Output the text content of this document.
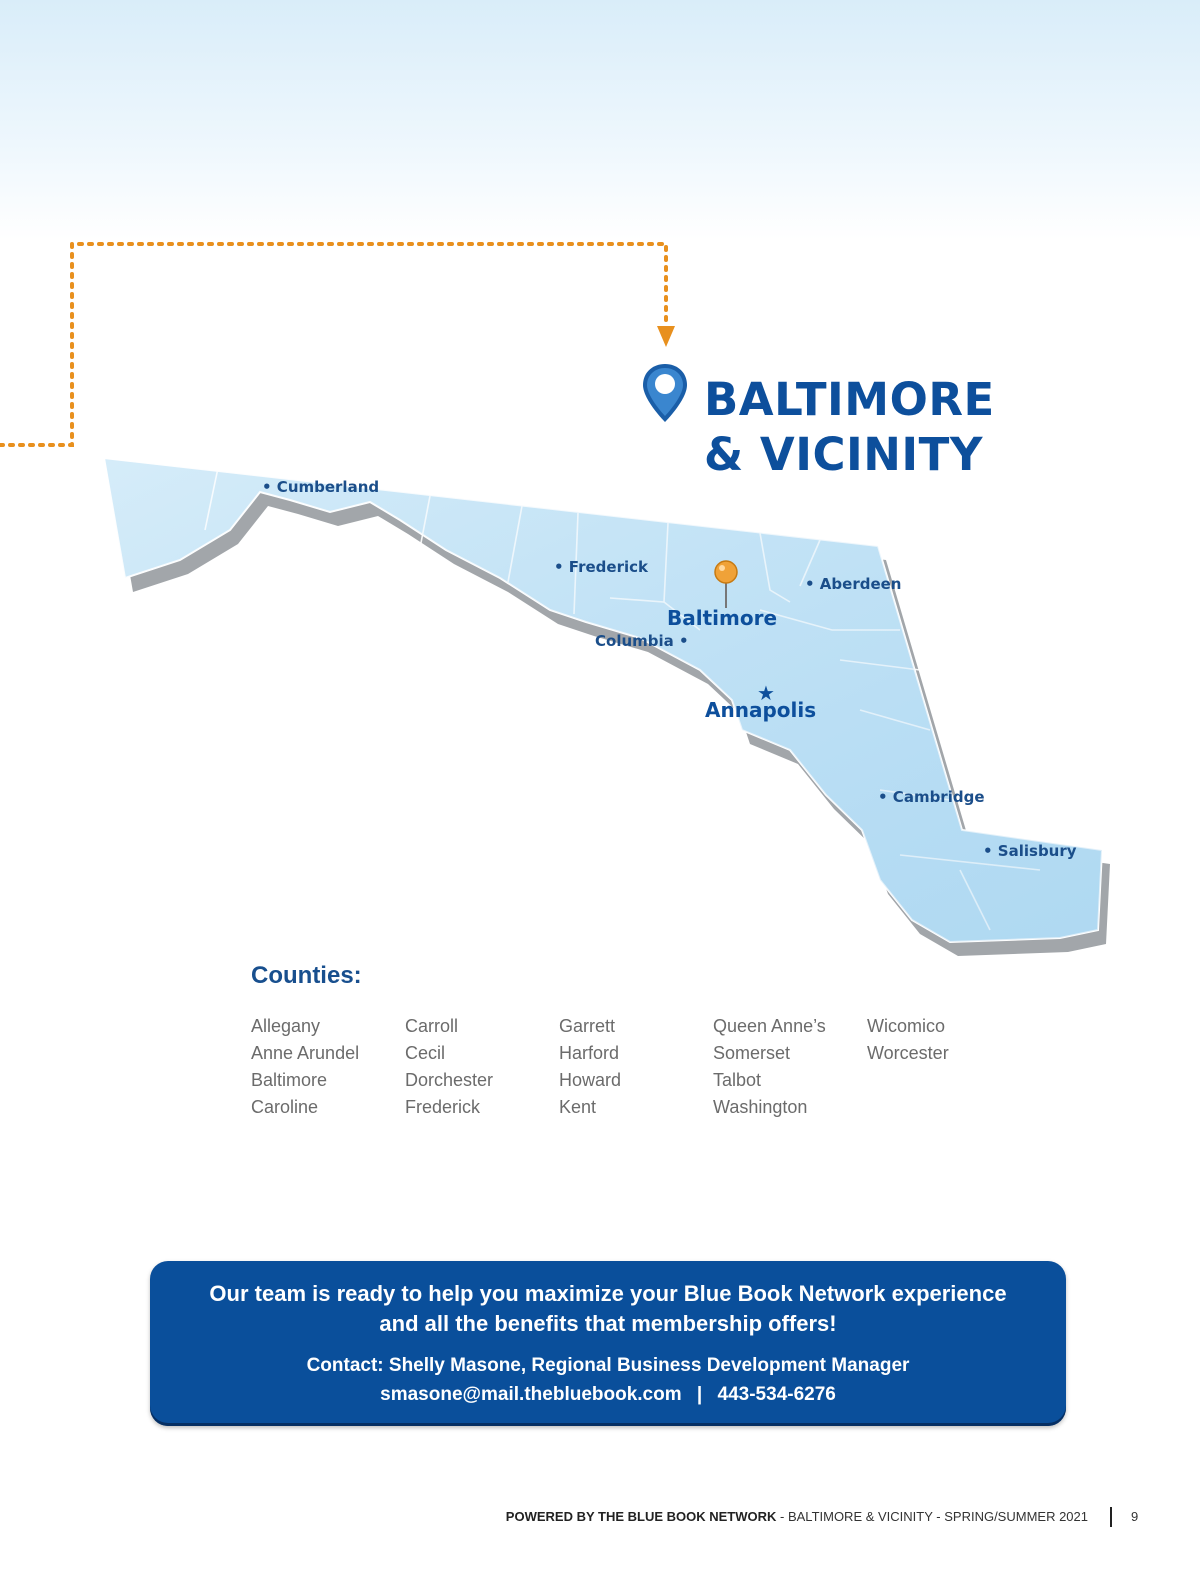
★
• Cumberland
• Frederick
• Aberdeen
Baltimore
Columbia •
Annapolis
• Cambridge
• Salisbury
BALTIMORE
& VICINITY
Counties:
Allegany
Anne Arundel
Baltimore
Caroline
Carroll
Cecil
Dorchester
Frederick
Garrett
Harford
Howard
Kent
Queen Anne’s
Somerset
Talbot
Washington
Wicomico
Worcester
Our team is ready to help you maximize your Blue Book Network experience
and all the benefits that membership offers!
Contact: Shelly Masone, Regional Business Development Manager
smasone@mail.thebluebook.com | 443-534-6276
POWERED BY THE BLUE BOOK NETWORK - BALTIMORE & VICINITY - SPRING/SUMMER 2021	9
